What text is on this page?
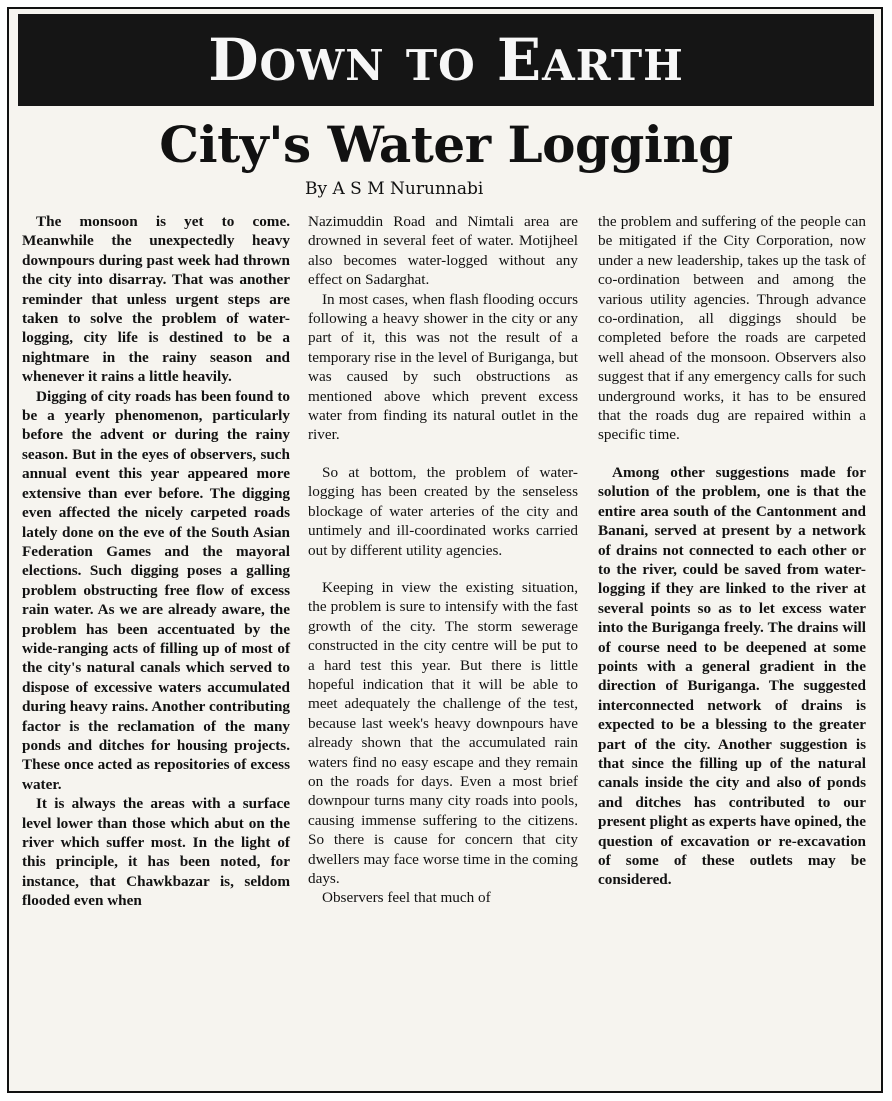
DOWN TO EARTH
City's Water Logging
By A S M Nurunnabi

The monsoon is yet to come. Meanwhile the unexpectedly heavy downpours during past week had thrown the city into disarray. That was another reminder that unless urgent steps are taken to solve the problem of water-logging, city life is destined to be a nightmare in the rainy season and whenever it rains a little heavily.

Digging of city roads has been found to be a yearly phenomenon, particularly before the advent or during the rainy season. But in the eyes of observers, such annual event this year appeared more extensive than ever before. The digging even affected the nicely carpeted roads lately done on the eve of the South Asian Federation Games and the mayoral elections. Such digging poses a galling problem obstructing free flow of excess rain water. As we are already aware, the problem has been accentuated by the wide-ranging acts of filling up of most of the city's natural canals which served to dispose of excessive waters accumulated during heavy rains. Another contributing factor is the reclamation of the many ponds and ditches for housing projects. These once acted as repositories of excess water.

It is always the areas with a surface level lower than those which abut on the river which suffer most. In the light of this principle, it has been noted, for instance, that Chawkbazar is, seldom flooded even when

Nazimuddin Road and Nimtali area are drowned in several feet of water. Motijheel also becomes water-logged without any effect on Sadarghat.

In most cases, when flash flooding occurs following a heavy shower in the city or any part of it, this was not the result of a temporary rise in the level of Buriganga, but was caused by such obstructions as mentioned above which prevent excess water from finding its natural outlet in the river.

So at bottom, the problem of water-logging has been created by the senseless blockage of water arteries of the city and untimely and ill-coordinated works carried out by different utility agencies.

Keeping in view the existing situation, the problem is sure to intensify with the fast growth of the city. The storm sewerage constructed in the city centre will be put to a hard test this year. But there is little hopeful indication that it will be able to meet adequately the challenge of the test, because last week's heavy downpours have already shown that the accumulated rain waters find no easy escape and they remain on the roads for days. Even a most brief downpour turns many city roads into pools, causing immense suffering to the citizens. So there is cause for concern that city dwellers may face worse time in the coming days.

Observers feel that much of

the problem and suffering of the people can be mitigated if the City Corporation, now under a new leadership, takes up the task of co-ordination between and among the various utility agencies. Through advance co-ordination, all diggings should be completed before the roads are carpeted well ahead of the monsoon. Observers also suggest that if any emergency calls for such underground works, it has to be ensured that the roads dug are repaired within a specific time.

Among other suggestions made for solution of the problem, one is that the entire area south of the Cantonment and Banani, served at present by a network of drains not connected to each other or to the river, could be saved from water-logging if they are linked to the river at several points so as to let excess water into the Buriganga freely. The drains will of course need to be deepened at some points with a general gradient in the direction of Buriganga. The suggested interconnected network of drains is expected to be a blessing to the greater part of the city. Another suggestion is that since the filling up of the natural canals inside the city and also of ponds and ditches has contributed to our present plight as experts have opined, the question of excavation or re-excavation of some of these outlets may be considered.
